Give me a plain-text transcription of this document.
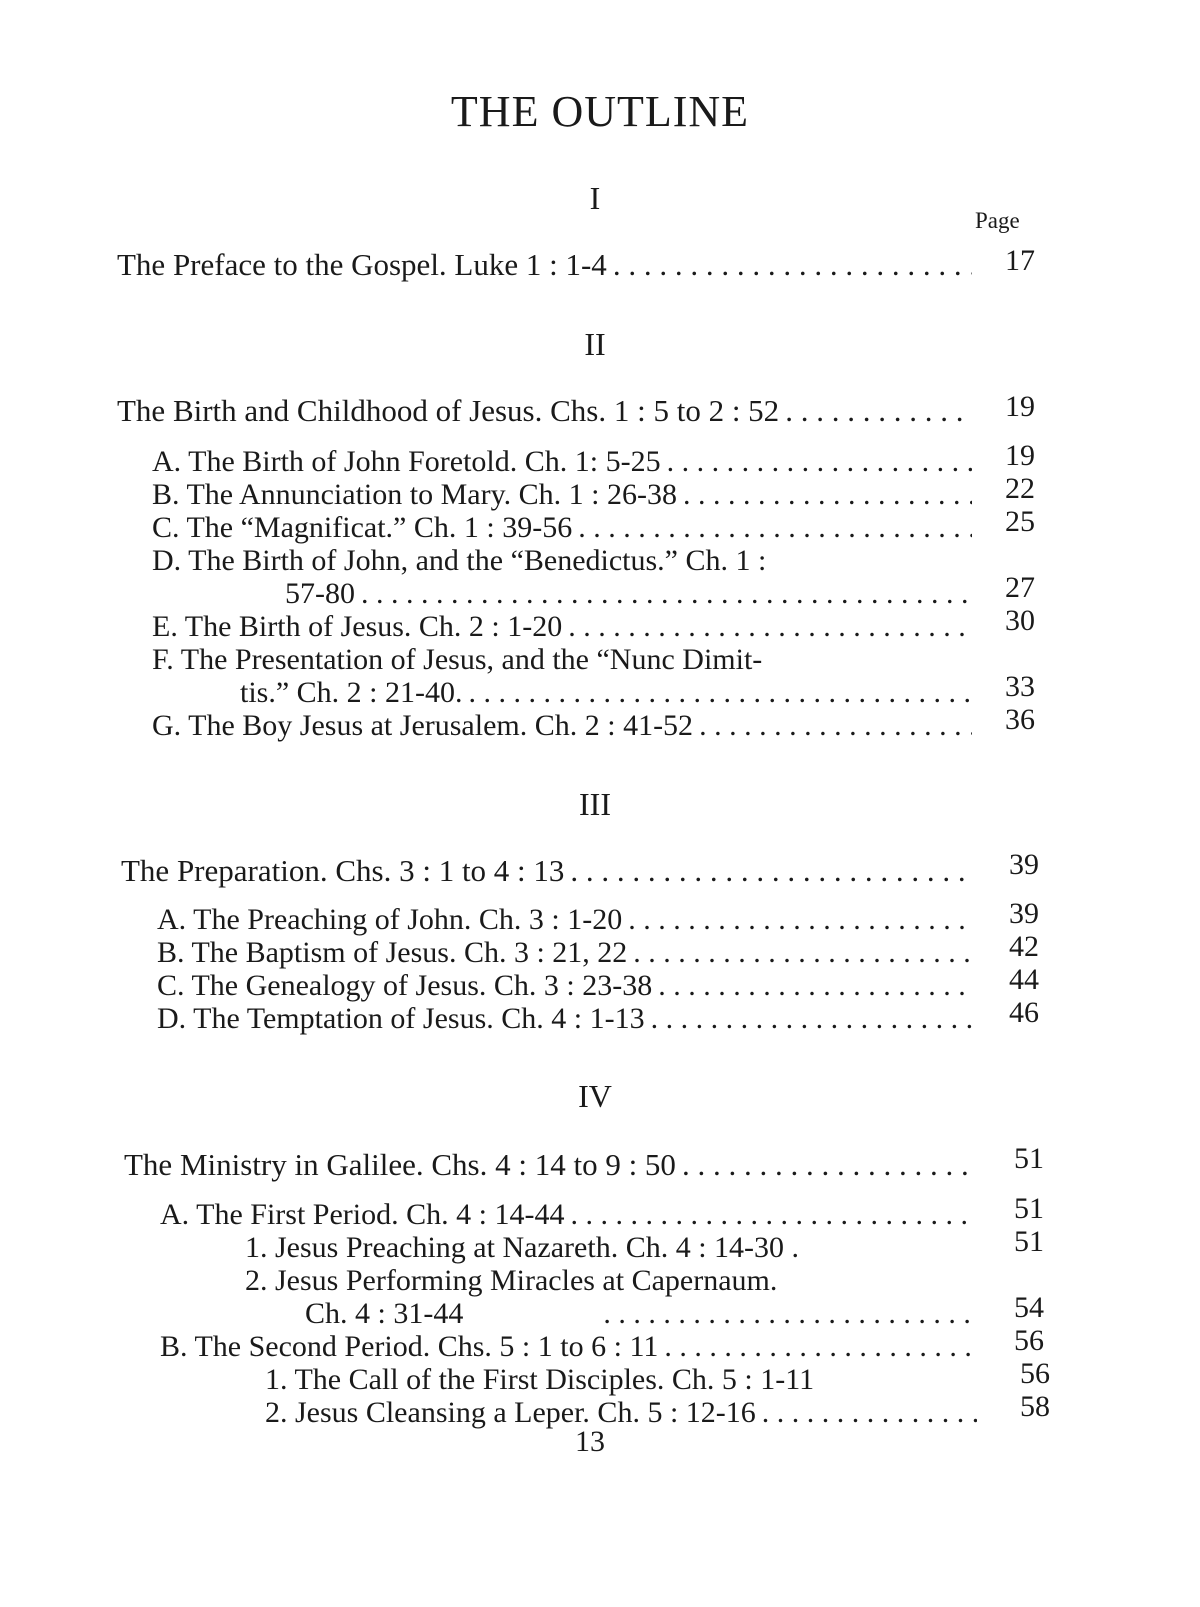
THE OUTLINE
Page
I
The Preface to the Gospel. Luke 1 : 1-4 . . .	17
II
The Birth and Childhood of Jesus. Chs. 1 : 5 to 2 : 52 . . .	19
A. The Birth of John Foretold. Ch. 1: 5-25 . . .	19
B. The Annunciation to Mary. Ch. 1 : 26-38 . . .	22
C. The “Magnificat.” Ch. 1 : 39-56 . . .	25
D. The Birth of John, and the “Benedictus.” Ch. 1 :
57-80 . . .	27
E. The Birth of Jesus. Ch. 2 : 1-20 . . .	30
F. The Presentation of Jesus, and the “Nunc Dimit-
tis.” Ch. 2 : 21-40. . . .	33
G. The Boy Jesus at Jerusalem. Ch. 2 : 41-52 . . .	36
III
The Preparation. Chs. 3 : 1 to 4 : 13 . . .	39
A. The Preaching of John. Ch. 3 : 1-20 . . .	39
B. The Baptism of Jesus. Ch. 3 : 21, 22 . . .	42
C. The Genealogy of Jesus. Ch. 3 : 23-38 . . .	44
D. The Temptation of Jesus. Ch. 4 : 1-13 . . .	46
IV
The Ministry in Galilee. Chs. 4 : 14 to 9 : 50 . . .	51
A. The First Period. Ch. 4 : 14-44 . . .	51
1. Jesus Preaching at Nazareth. Ch. 4 : 14-30 .	51
2. Jesus Performing Miracles at Capernaum.
Ch. 4 : 31-44 . . .	54
B. The Second Period. Chs. 5 : 1 to 6 : 11 . . .	56
1. The Call of the First Disciples. Ch. 5 : 1-11	56
2. Jesus Cleansing a Leper. Ch. 5 : 12-16 . . .	58
13
